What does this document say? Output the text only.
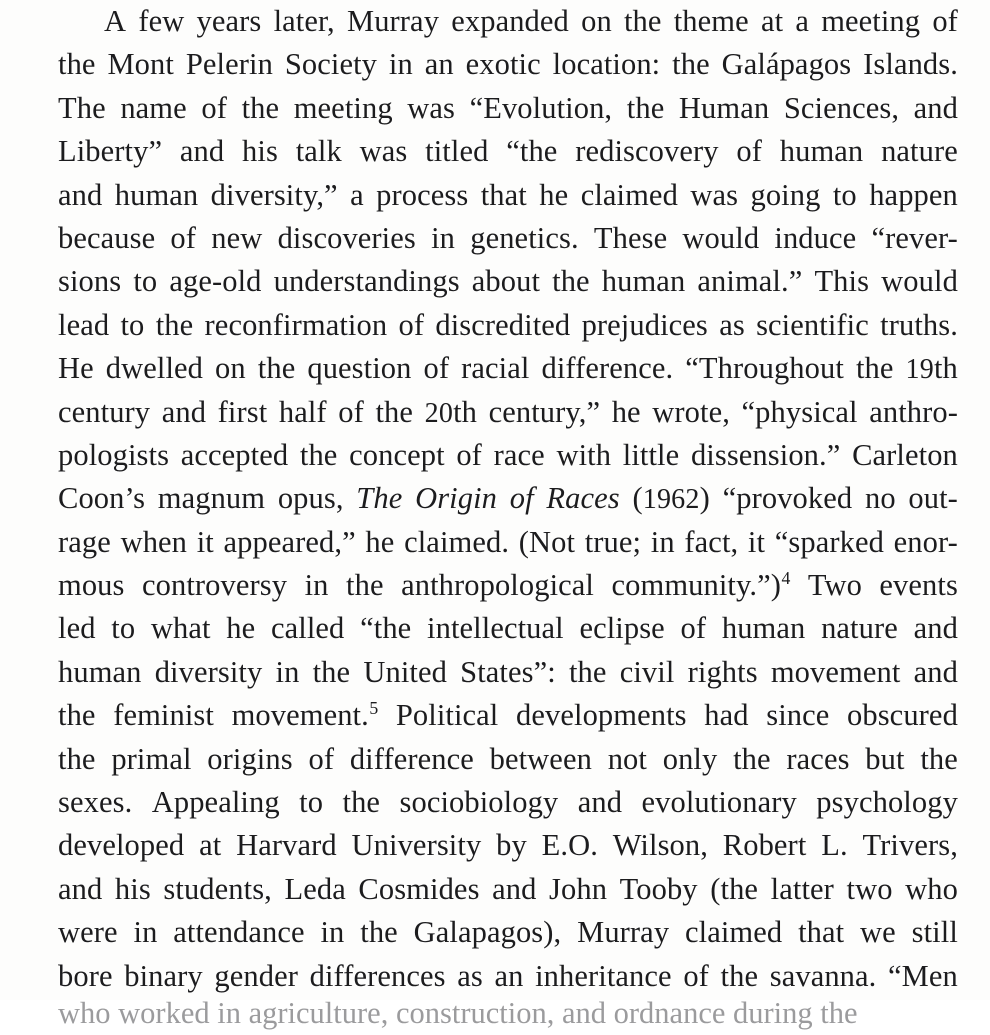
A few years later, Murray expanded on the theme at a meeting of
the Mont Pelerin Society in an exotic location: the Galápagos Islands.
The name of the meeting was “Evolution, the Human Sciences, and
Liberty” and his talk was titled “the rediscovery of human nature
and human diversity,” a process that he claimed was going to happen
because of new discoveries in genetics. These would induce “rever-
sions to age-old understandings about the human animal.” This would
lead to the reconfirmation of discredited prejudices as scientific truths.
He dwelled on the question of racial difference. “Throughout the 19th
century and first half of the 20th century,” he wrote, “physical anthro-
pologists accepted the concept of race with little dissension.” Carleton
Coon’s magnum opus, The Origin of Races (1962) “provoked no out-
rage when it appeared,” he claimed. (Not true; in fact, it “sparked enor-
mous controversy in the anthropological community.”)$^4$ Two events
led to what he called “the intellectual eclipse of human nature and
human diversity in the United States”: the civil rights movement and
the feminist movement.$^5$ Political developments had since obscured
the primal origins of difference between not only the races but the
sexes. Appealing to the sociobiology and evolutionary psychology
developed at Harvard University by E.O. Wilson, Robert L. Trivers,
and his students, Leda Cosmides and John Tooby (the latter two who
were in attendance in the Galapagos), Murray claimed that we still
bore binary gender differences as an inheritance of the savanna. “Men
who worked in agriculture, construction, and ordnance during the
